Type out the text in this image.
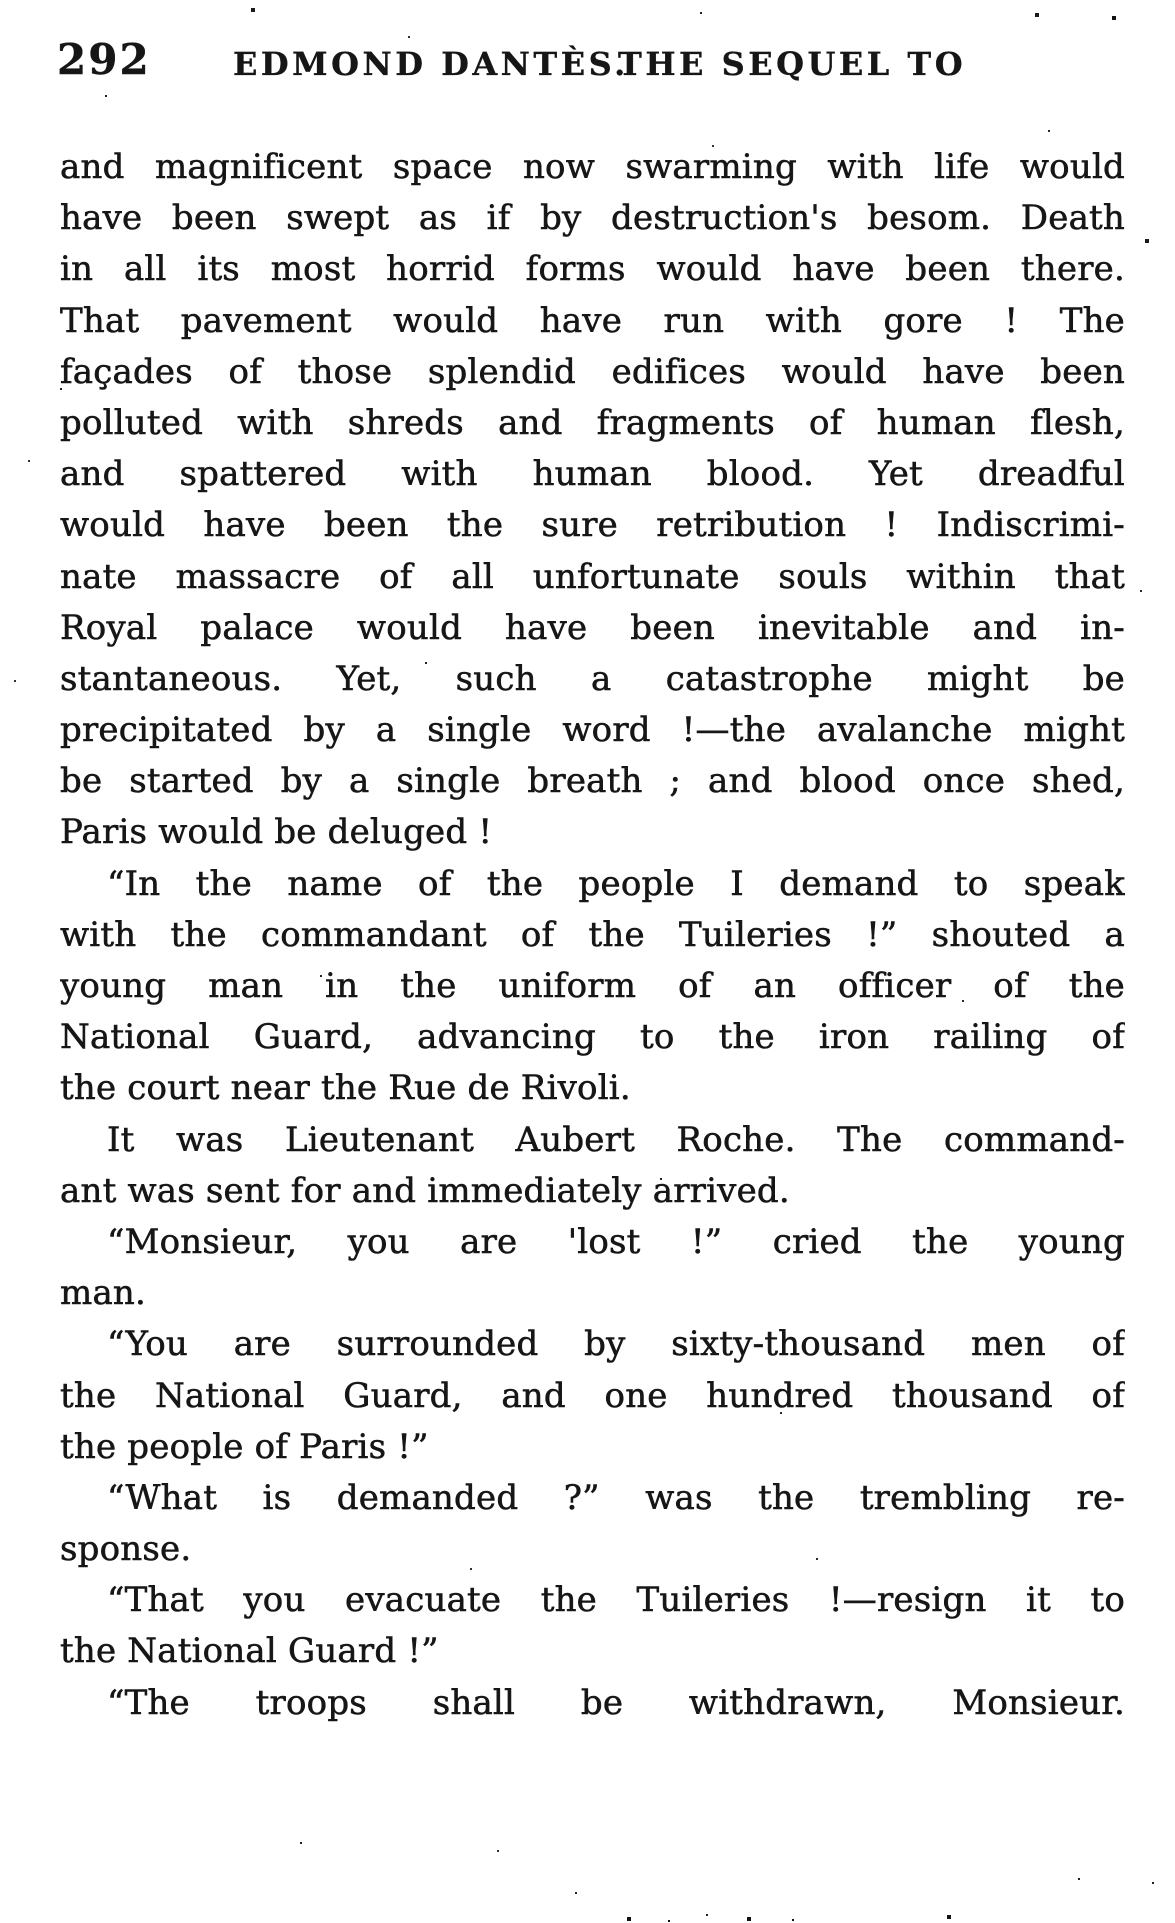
292	EDMOND DANTÈS.
THE SEQUEL TO
and magnificent space now swarming with life would
have been swept as if by destruction's besom. Death
in all its most horrid forms would have been there.
That pavement would have run with gore ! The
façades of those splendid edifices would have been
polluted with shreds and fragments of human flesh,
and spattered with human blood. Yet dreadful
would have been the sure retribution ! Indiscrimi-
nate massacre of all unfortunate souls within that
Royal palace would have been inevitable and in-
stantaneous. Yet, such a catastrophe might be
precipitated by a single word !—the avalanche might
be started by a single breath ; and blood once shed,
Paris would be deluged !
“In the name of the people I demand to speak
with the commandant of the Tuileries !” shouted a
young man in the uniform of an officer of the
National Guard, advancing to the iron railing of
the court near the Rue de Rivoli.
It was Lieutenant Aubert Roche. The command-
ant was sent for and immediately arrived.
“Monsieur, you are 'lost !” cried the young
man.
“You are surrounded by sixty-thousand men of
the National Guard, and one hundred thousand of
the people of Paris !”
“What is demanded ?” was the trembling re-
sponse.
“That you evacuate the Tuileries !—resign it to
the National Guard !”
“The troops shall be withdrawn, Monsieur.
